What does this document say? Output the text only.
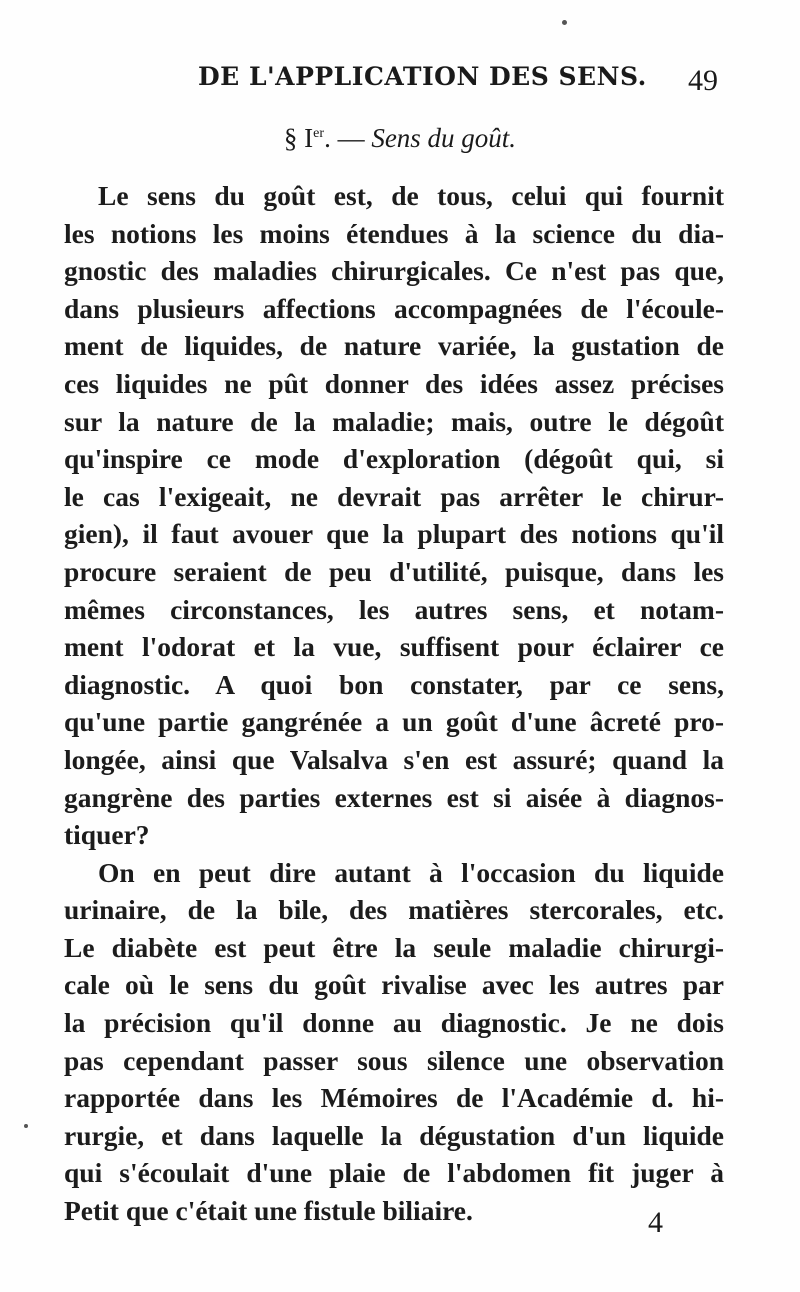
DE L'APPLICATION DES SENS. 49
§ Ier. — Sens du goût.
Le sens du goût est, de tous, celui qui fournit
les notions les moins étendues à la science du dia-
gnostic des maladies chirurgicales. Ce n'est pas que,
dans plusieurs affections accompagnées de l'écoule-
ment de liquides, de nature variée, la gustation de
ces liquides ne pût donner des idées assez précises
sur la nature de la maladie; mais, outre le dégoût
qu'inspire ce mode d'exploration (dégoût qui, si
le cas l'exigeait, ne devrait pas arrêter le chirur-
gien), il faut avouer que la plupart des notions qu'il
procure seraient de peu d'utilité, puisque, dans les
mêmes circonstances, les autres sens, et notam-
ment l'odorat et la vue, suffisent pour éclairer ce
diagnostic. A quoi bon constater, par ce sens,
qu'une partie gangrénée a un goût d'une âcreté pro-
longée, ainsi que Valsalva s'en est assuré; quand la
gangrène des parties externes est si aisée à diagnos-
tiquer?
On en peut dire autant à l'occasion du liquide
urinaire, de la bile, des matières stercorales, etc.
Le diabète est peut être la seule maladie chirurgi-
cale où le sens du goût rivalise avec les autres par
la précision qu'il donne au diagnostic. Je ne dois
pas cependant passer sous silence une observation
rapportée dans les Mémoires de l'Académie d. hi-
rurgie, et dans laquelle la dégustation d'un liquide
qui s'écoulait d'une plaie de l'abdomen fit juger à
Petit que c'était une fistule biliaire.	4
